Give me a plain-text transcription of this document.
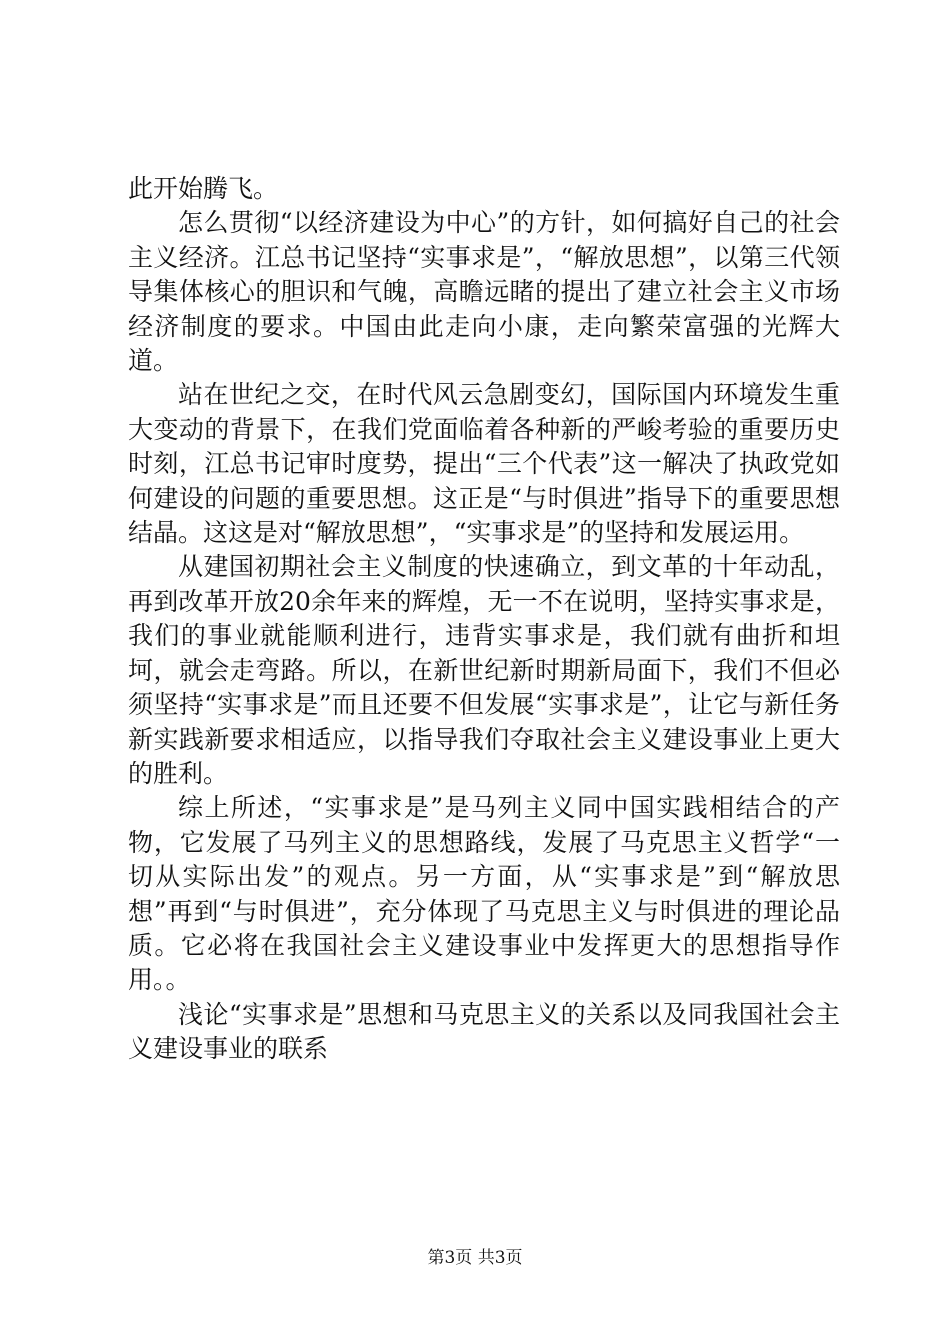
此开始腾飞。

怎么贯彻“以经济建设为中心”的方针，如何搞好自己的社会主义经济。江总书记坚持“实事求是”，“解放思想”，以第三代领导集体核心的胆识和气魄，高瞻远睹的提出了建立社会主义市场经济制度的要求。中国由此走向小康，走向繁荣富强的光辉大道。

站在世纪之交，在时代风云急剧变幻，国际国内环境发生重大变动的背景下，在我们党面临着各种新的严峻考验的重要历史时刻，江总书记审时度势，提出“三个代表”这一解决了执政党如何建设的问题的重要思想。这正是“与时俱进”指导下的重要思想结晶。这这是对“解放思想”，“实事求是”的坚持和发展运用。

从建国初期社会主义制度的快速确立，到文革的十年动乱，再到改革开放20余年来的辉煌，无一不在说明，坚持实事求是，我们的事业就能顺利进行，违背实事求是，我们就有曲折和坦坷，就会走弯路。所以，在新世纪新时期新局面下，我们不但必须坚持“实事求是”而且还要不但发展“实事求是”，让它与新任务新实践新要求相适应，以指导我们夺取社会主义建设事业上更大的胜利。

综上所述，“实事求是”是马列主义同中国实践相结合的产物，它发展了马列主义的思想路线，发展了马克思主义哲学“一切从实际出发”的观点。另一方面，从“实事求是”到“解放思想”再到“与时俱进”，充分体现了马克思主义与时俱进的理论品质。它必将在我国社会主义建设事业中发挥更大的思想指导作用。。

浅论“实事求是”思想和马克思主义的关系以及同我国社会主义建设事业的联系

第3页 共3页
